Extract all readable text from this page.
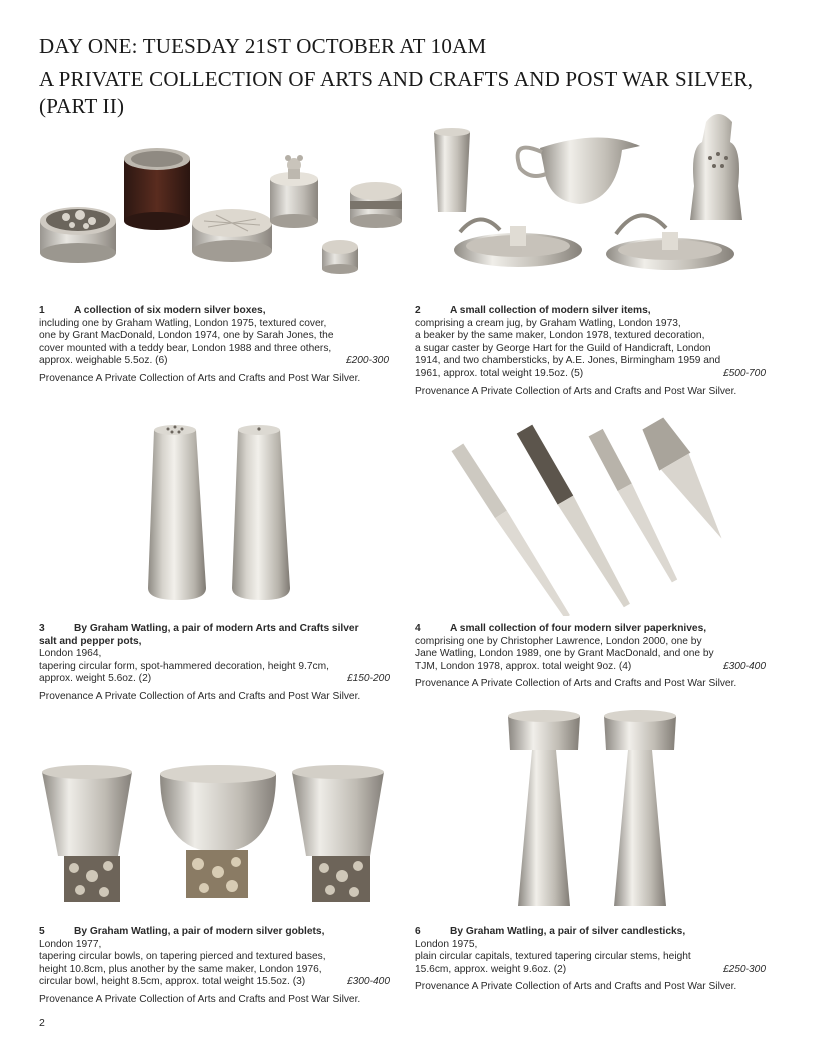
DAY ONE: TUESDAY 21ST OCTOBER AT 10AM
A PRIVATE COLLECTION OF ARTS AND CRAFTS AND POST WAR SILVER,
(PART II)
1	A collection of six modern silver boxes,
including one by Graham Watling, London 1975, textured cover,
one by Grant MacDonald, London 1974, one by Sarah Jones, the
cover mounted with a teddy bear, London 1988 and three others,
approx. weighable 5.5oz. (6)	£200-300
Provenance A Private Collection of Arts and Crafts and Post War Silver.
2	A small collection of modern silver items,
comprising a cream jug, by Graham Watling, London 1973,
a beaker by the same maker, London 1978, textured decoration,
a sugar caster by George Hart for the Guild of Handicraft, London
1914, and two chambersticks, by A.E. Jones, Birmingham 1959 and
1961, approx. total weight 19.5oz. (5)	£500-700
Provenance A Private Collection of Arts and Crafts and Post War Silver.
3	By Graham Watling, a pair of modern Arts and Crafts silver
salt and pepper pots,
London 1964,
tapering circular form, spot-hammered decoration, height 9.7cm,
approx. weight 5.6oz. (2)	£150-200
Provenance A Private Collection of Arts and Crafts and Post War Silver.
4	A small collection of four modern silver paperknives,
comprising one by Christopher Lawrence, London 2000, one by
Jane Watling, London 1989, one by Grant MacDonald, and one by
TJM, London 1978, approx. total weight 9oz. (4)	£300-400
Provenance A Private Collection of Arts and Crafts and Post War Silver.
5	By Graham Watling, a pair of modern silver goblets,
London 1977,
tapering circular bowls, on tapering pierced and textured bases,
height 10.8cm, plus another by the same maker, London 1976,
circular bowl, height 8.5cm, approx. total weight 15.5oz. (3)	£300-400
Provenance A Private Collection of Arts and Crafts and Post War Silver.
6	By Graham Watling, a pair of silver candlesticks,
London 1975,
plain circular capitals, textured tapering circular stems, height
15.6cm, approx. weight 9.6oz. (2)	£250-300
Provenance A Private Collection of Arts and Crafts and Post War Silver.
2
